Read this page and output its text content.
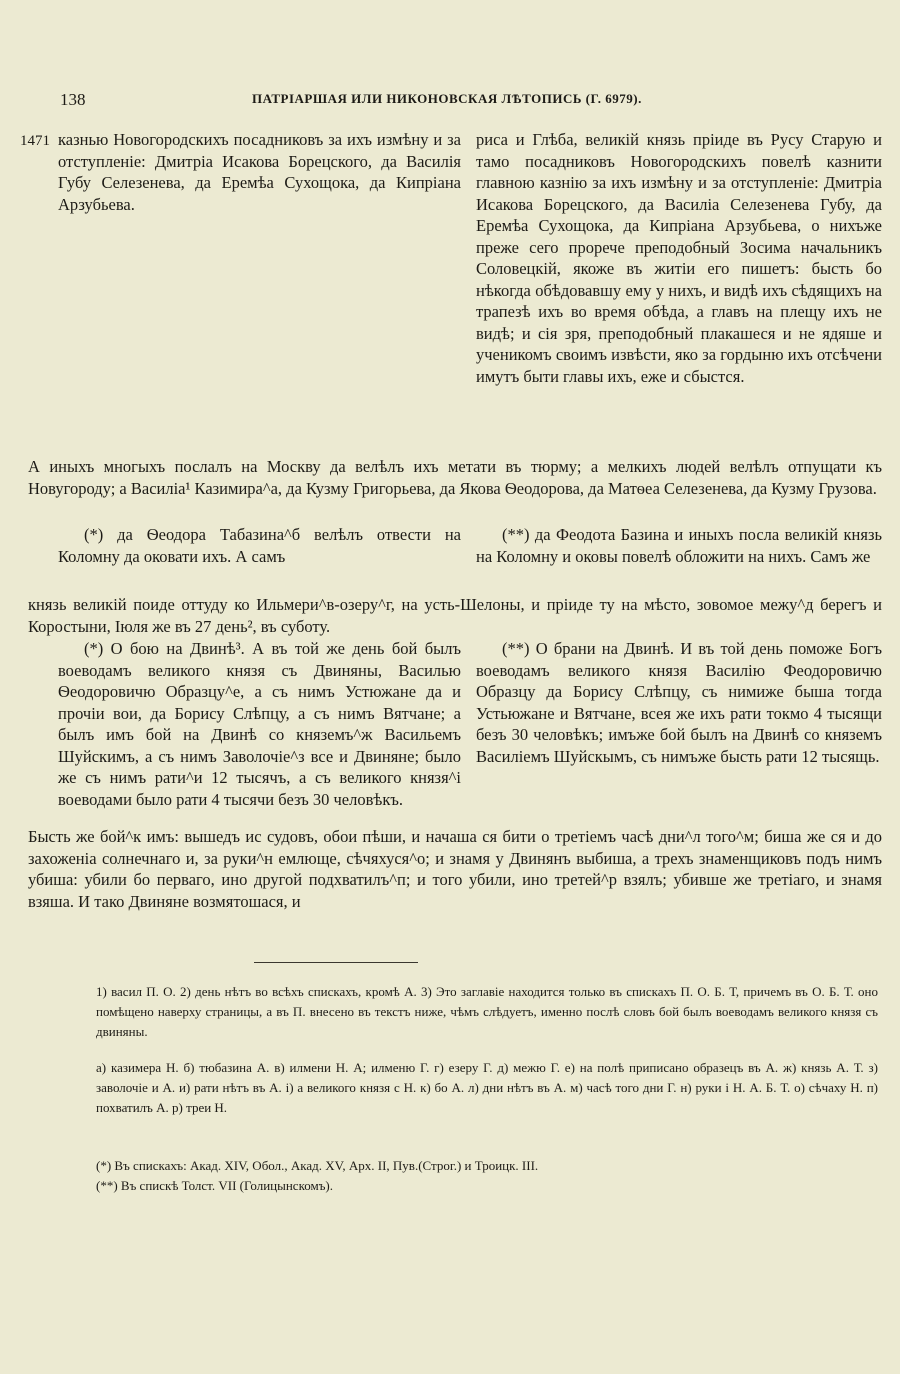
138	ПАТРІАРШАЯ ИЛИ НИКОНОВСКАЯ ЛѢТОПИСЬ (Г. 6979).
1471 казнью Новогородскихъ посадниковъ за ихъ измѣну и за отступленіе: Дмитріа Исакова Борецского, да Василія Губу Селезенева, да Еремѣа Сухощока, да Кипріана Арзубьева.

риса и Глѣба, великій князь пріиде въ Русу Старую и тамо посадниковъ Новогородскихъ повелѣ казнити главною казнію за ихъ измѣну и за отступленіе: Дмитріа Исакова Борецского, да Василіа Селезенева Губу, да Еремѣа Сухощока, да Кипріана Арзубьева, о нихъже преже сего прорече преподобный Зосима начальникъ Соловецкій, якоже въ житіи его пишетъ: бысть бо нѣкогда обѣдовавшу ему у нихъ, и видѣ ихъ сѣдящихъ на трапезѣ ихъ во время обѣда, а главъ на плещу ихъ не видѣ; и сія зря, преподобный плакашеся и не ядяше и ученикомъ своимъ извѣсти, яко за гордыню ихъ отсѣчени имутъ быти главы ихъ, еже и сбыстся.

А иныхъ многыхъ послалъ на Москву да велѣлъ ихъ метати въ тюрму; а мелкихъ людей велѣлъ отпущати къ Новугороду; а Василіа¹ Казимира^а, да Кузму Григорьева, да Якова Ѳеодорова, да Матѳеа Селезенева, да Кузму Грузова.

(*) да Ѳеодора Табазина^б велѣлъ отвести на Коломну да оковати ихъ. А самъ

(**) да Феодота Базина и иныхъ посла великій князь на Коломну и оковы повелѣ обложити на нихъ. Самъ же

князь великій поиде оттуду ко Ильмери^в-озеру^г, на усть-Шелоны, и пріиде ту на мѣсто, зовомое межу^д берегъ и Коростыни, Іюля же въ 27 день², въ суботу.

(*) О бою на Двинѣ³. А въ той же день бой былъ воеводамъ великого князя съ Двиняны, Василью Ѳеодоровичю Образцу^е, а съ нимъ Устюжане да и прочіи вои, да Борису Слѣпцу, а съ нимъ Вятчане; а былъ имъ бой на Двинѣ со княземъ^ж Васильемъ Шуйскимъ, а съ нимъ Заволочіе^з все и Двиняне; было же съ нимъ рати^и 12 тысячъ, а съ великого князя^і воеводами было рати 4 тысячи безъ 30 человѣкъ.

(**) О брани на Двинѣ. И въ той день поможе Богъ воеводамъ великого князя Василію Феодоровичю Образцу да Борису Слѣпцу, съ нимиже быша тогда Устьюжане и Вятчане, всея же ихъ рати токмо 4 тысящи безъ 30 человѣкъ; имъже бой былъ на Двинѣ со княземъ Василіемъ Шуйскымъ, съ нимъже бысть рати 12 тысящь.

Бысть же бой^к имъ: вышедъ ис судовъ, обои пѣши, и начаша ся бити о третіемъ часѣ дни^л того^м; биша же ся и до захоженіа солнечнаго и, за руки^н емлюще, сѣчяхуся^о; и знамя у Двинянъ выбиша, а трехъ знаменщиковъ подъ нимъ убиша: убили бо перваго, ино другой подхватилъ^п; и того убили, ино третей^р взялъ; убивше же третіаго, и знамя взяша. И тако Двиняне возмятошася, и

1) васил П. О. 2) день нѣтъ во всѣхъ спискахъ, кромѣ А. 3) Это заглавіе находится только въ спискахъ П. О. Б. Т, причемъ въ О. Б. Т. оно помѣщено наверху страницы, а въ П. внесено въ текстъ ниже, чѣмъ слѣдуетъ, именно послѣ словъ бой былъ воеводамъ великого князя съ двиняны.

а) казимера Н. б) тюбазина А. в) илмени Н. А; илменю Г. г) езеру Г. д) межю Г. е) на полѣ приписано образецъ въ А. ж) князь А. Т. з) заволочіе и А. и) рати нѣтъ въ А. і) а великого князя с Н. к) бо А. л) дни нѣтъ въ А. м) часѣ того дни Г. н) руки і Н. А. Б. Т. о) сѣчаху Н. п) похватилъ А. р) треи Н.

(*) Въ спискахъ: Акад. XIV, Обол., Акад. XV, Арх. II, Пув.(Строг.) и Троицк. III.

(**) Въ спискѣ Толст. VII (Голицынскомъ).
